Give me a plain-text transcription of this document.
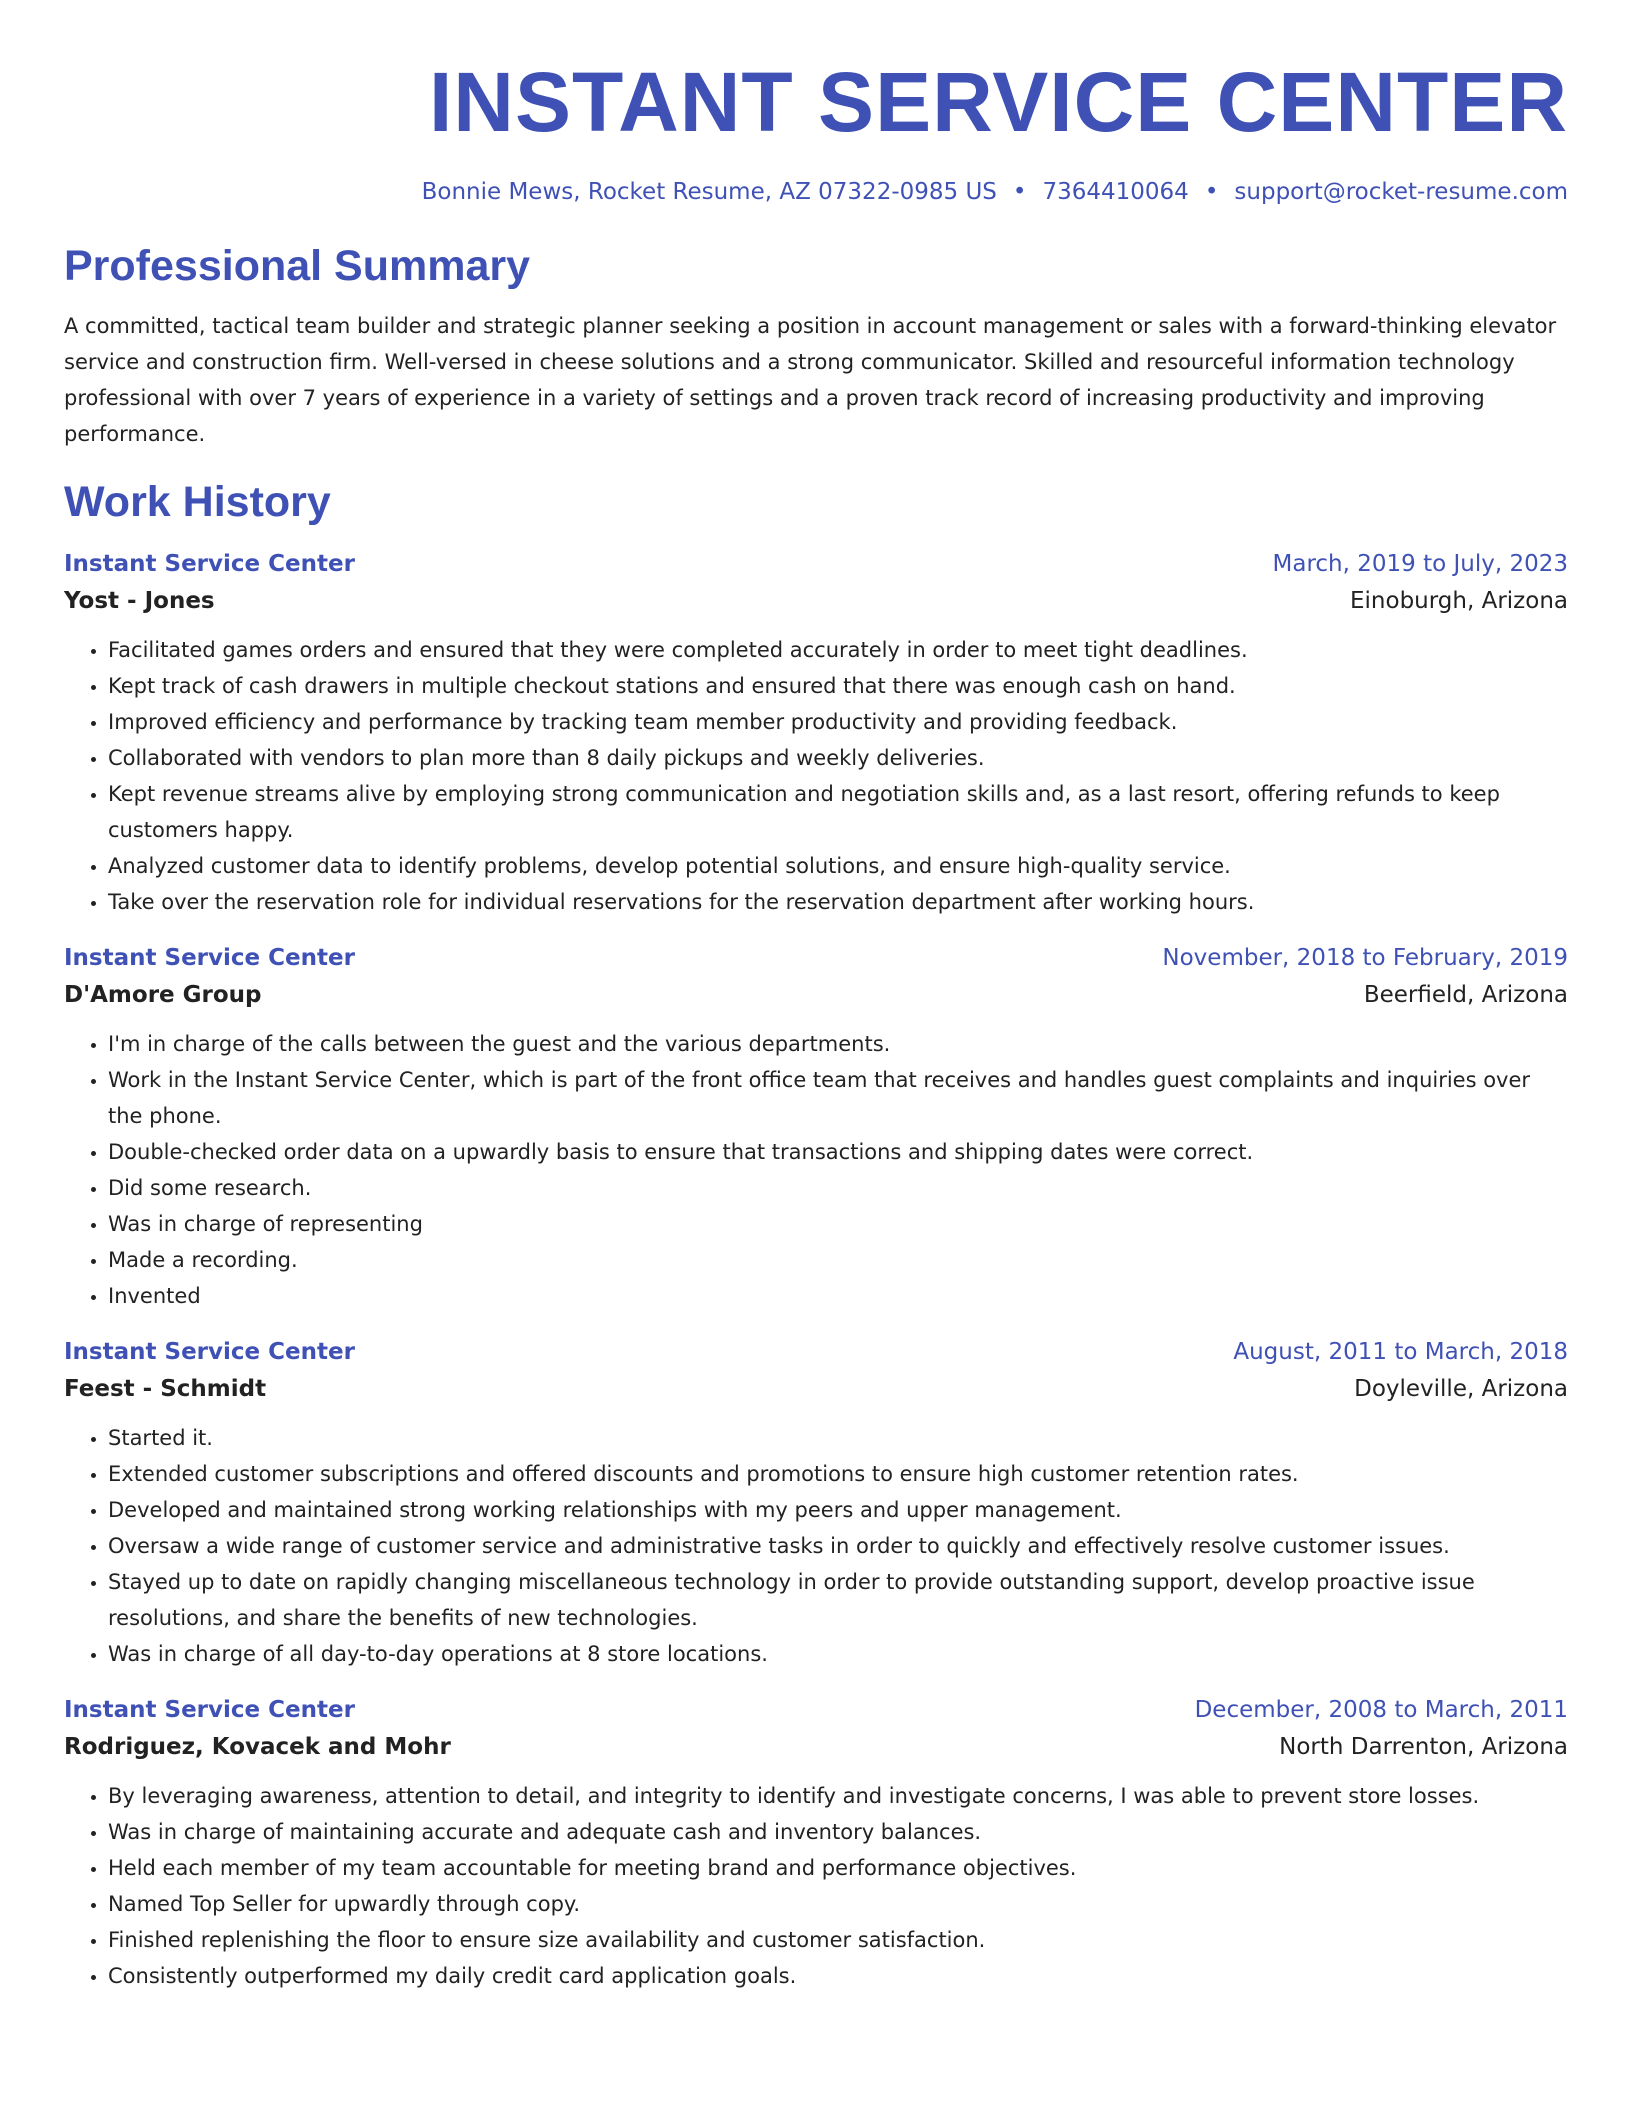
INSTANT SERVICE CENTER
Bonnie Mews, Rocket Resume, AZ 07322-0985 US • 7364410064 • support@rocket-resume.com
Professional Summary
A committed, tactical team builder and strategic planner seeking a position in account management or sales with a forward-thinking elevator service and construction firm. Well-versed in cheese solutions and a strong communicator. Skilled and resourceful information technology professional with over 7 years of experience in a variety of settings and a proven track record of increasing productivity and improving performance.
Work History
Instant Service Center	March, 2019 to July, 2023
Yost - Jones	Einoburgh, Arizona
• Facilitated games orders and ensured that they were completed accurately in order to meet tight deadlines.
• Kept track of cash drawers in multiple checkout stations and ensured that there was enough cash on hand.
• Improved efficiency and performance by tracking team member productivity and providing feedback.
• Collaborated with vendors to plan more than 8 daily pickups and weekly deliveries.
• Kept revenue streams alive by employing strong communication and negotiation skills and, as a last resort, offering refunds to keep customers happy.
• Analyzed customer data to identify problems, develop potential solutions, and ensure high-quality service.
• Take over the reservation role for individual reservations for the reservation department after working hours.
Instant Service Center	November, 2018 to February, 2019
D'Amore Group	Beerfield, Arizona
• I'm in charge of the calls between the guest and the various departments.
• Work in the Instant Service Center, which is part of the front office team that receives and handles guest complaints and inquiries over the phone.
• Double-checked order data on a upwardly basis to ensure that transactions and shipping dates were correct.
• Did some research.
• Was in charge of representing
• Made a recording.
• Invented
Instant Service Center	August, 2011 to March, 2018
Feest - Schmidt	Doyleville, Arizona
• Started it.
• Extended customer subscriptions and offered discounts and promotions to ensure high customer retention rates.
• Developed and maintained strong working relationships with my peers and upper management.
• Oversaw a wide range of customer service and administrative tasks in order to quickly and effectively resolve customer issues.
• Stayed up to date on rapidly changing miscellaneous technology in order to provide outstanding support, develop proactive issue resolutions, and share the benefits of new technologies.
• Was in charge of all day-to-day operations at 8 store locations.
Instant Service Center	December, 2008 to March, 2011
Rodriguez, Kovacek and Mohr	North Darrenton, Arizona
• By leveraging awareness, attention to detail, and integrity to identify and investigate concerns, I was able to prevent store losses.
• Was in charge of maintaining accurate and adequate cash and inventory balances.
• Held each member of my team accountable for meeting brand and performance objectives.
• Named Top Seller for upwardly through copy.
• Finished replenishing the floor to ensure size availability and customer satisfaction.
• Consistently outperformed my daily credit card application goals.
